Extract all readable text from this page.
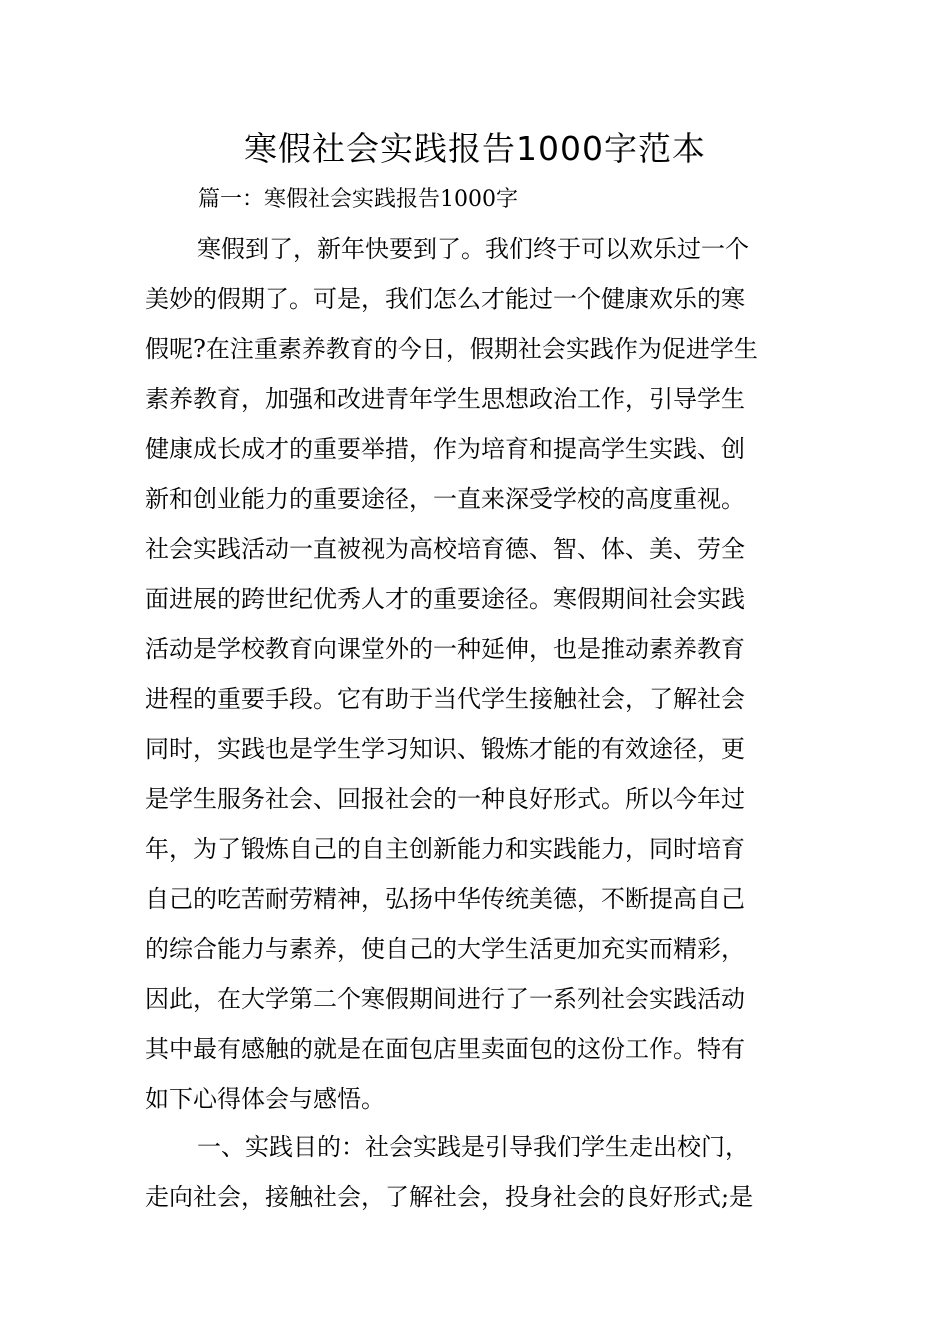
寒假社会实践报告1000字范本
篇一：寒假社会实践报告1000字
寒假到了，新年快要到了。我们终于可以欢乐过一个
美妙的假期了。可是，我们怎么才能过一个健康欢乐的寒
假呢?在注重素养教育的今日，假期社会实践作为促进学生
素养教育，加强和改进青年学生思想政治工作，引导学生
健康成长成才的重要举措，作为培育和提高学生实践、创
新和创业能力的重要途径，一直来深受学校的高度重视。
社会实践活动一直被视为高校培育德、智、体、美、劳全
面进展的跨世纪优秀人才的重要途径。寒假期间社会实践
活动是学校教育向课堂外的一种延伸，也是推动素养教育
进程的重要手段。它有助于当代学生接触社会，了解社会
同时，实践也是学生学习知识、锻炼才能的有效途径，更
是学生服务社会、回报社会的一种良好形式。所以今年过
年，为了锻炼自己的自主创新能力和实践能力，同时培育
自己的吃苦耐劳精神，弘扬中华传统美德，不断提高自己
的综合能力与素养，使自己的大学生活更加充实而精彩，
因此，在大学第二个寒假期间进行了一系列社会实践活动
其中最有感触的就是在面包店里卖面包的这份工作。特有
如下心得体会与感悟。
一、实践目的：社会实践是引导我们学生走出校门，
走向社会，接触社会，了解社会，投身社会的良好形式;是
